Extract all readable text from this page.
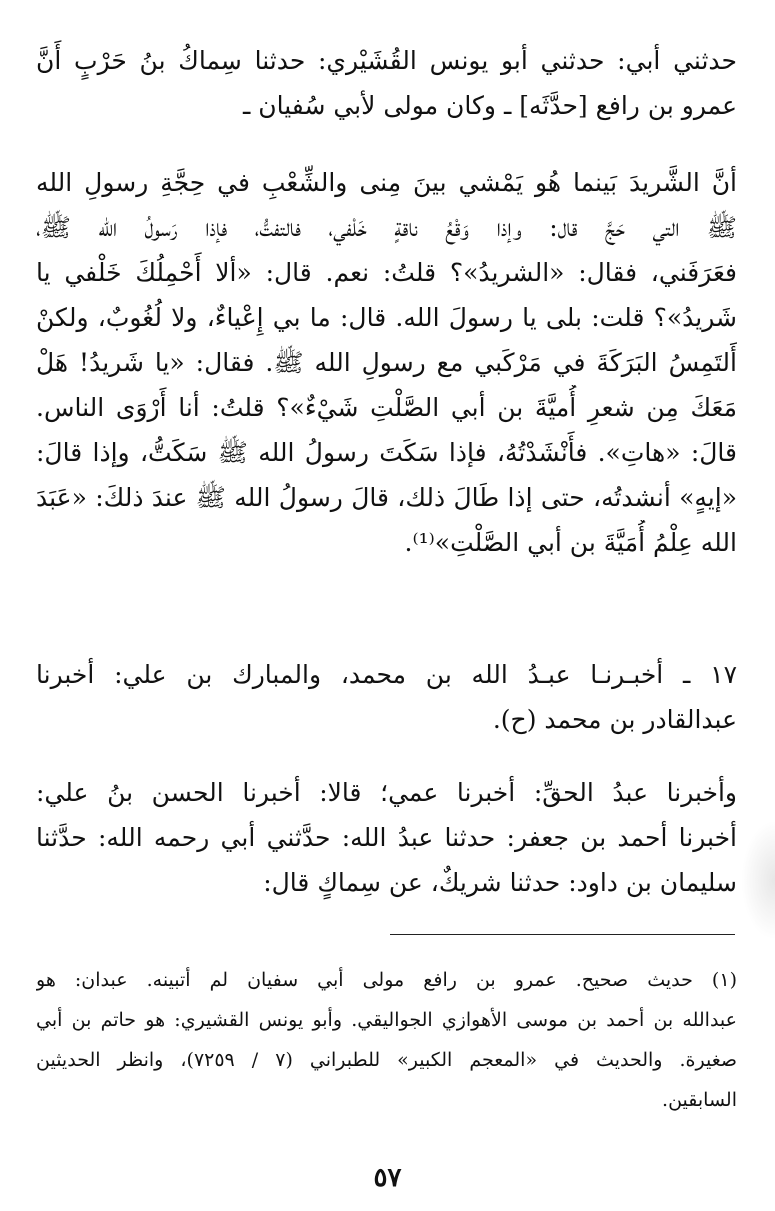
حدثني أبي: حدثني أبو يونس القُشَيْري: حدثنا سِماكُ بنُ حَرْبٍ أَنَّ
عمرو بن رافع [حدَّثَه] ـ وكان مولى لأبي سُفيان ـ
أنَّ الشَّريدَ بَينما هُو يَمْشي بينَ مِنى والشِّعْبِ في حِجَّةِ رسولِ الله
ﷺ التي حَجَّ قال: وإذا وَقْعُ ناقةٍ خَلْفي، فالتفتُّ، فإذا رَسولُ الله ﷺ،
فعَرَفَني، فقال: «الشريدُ»؟ قلتُ: نعم. قال: «ألا أَحْمِلُكَ خَلْفي يا
شَريدُ»؟ قلت: بلى يا رسولَ الله. قال: ما بي إِعْياءٌ، ولا لُغُوبٌ، ولكنْ
أَلتَمِسُ البَرَكَةَ في مَرْكَبي مع رسولِ الله ﷺ. فقال: «يا شَريدُ! هَلْ
مَعَكَ مِن شعرِ أُميَّةَ بن أبي الصَّلْتِ شَيْءٌ»؟ قلتُ: أنا أَرْوَى الناس.
قالَ: «هاتِ». فأَنْشَدْتُهُ، فإذا سَكَتَ رسولُ الله ﷺ سَكَتُّ، وإذا قالَ:
«إيهٍ» أنشدتُه، حتى إذا طَالَ ذلك، قالَ رسولُ الله ﷺ عندَ ذلكَ: «عَبَدَ
الله عِلْمُ أُمَيَّةَ بن أبي الصَّلْتِ»⁽¹⁾.
١٧ ـ أخبـرنـا عبـدُ الله بن محمد، والمبارك بن علي: أخبرنا
عبدالقادر بن محمد (ح).
وأخبرنا عبدُ الحقِّ: أخبرنا عمي؛ قالا: أخبرنا الحسن بنُ علي:
أخبرنا أحمد بن جعفر: حدثنا عبدُ الله: حدَّثني أبي رحمه الله: حدَّثنا
سليمان بن داود: حدثنا شريكٌ، عن سِماكٍ قال:
(١) حديث صحيح. عمرو بن رافع مولى أبي سفيان لم أتبينه. عبدان: هو
عبدالله بن أحمد بن موسى الأهوازي الجواليقي. وأبو يونس القشيري: هو حاتم بن أبي
صغيرة. والحديث في «المعجم الكبير» للطبراني (٧ / ٧٢٥٩)، وانظر الحديثين
السابقين.
٥٧
